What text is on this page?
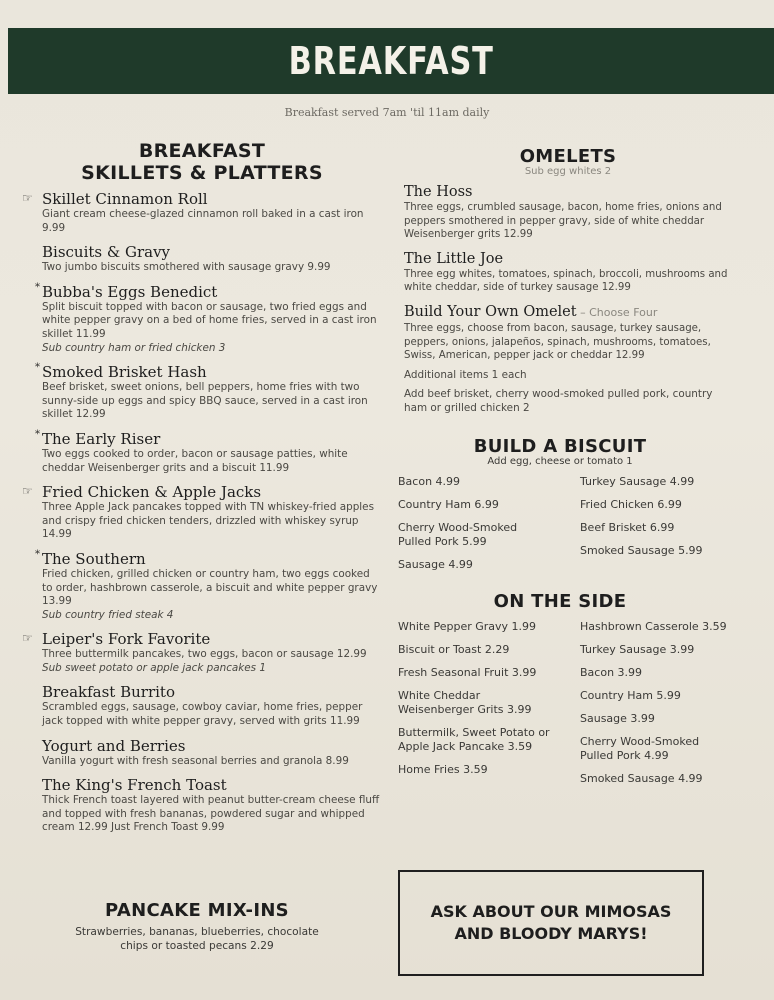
BREAKFAST
Breakfast served 7am 'til 11am daily
BREAKFAST
SKILLETS & PLATTERS
☞ Skillet Cinnamon Roll
Giant cream cheese-glazed cinnamon roll baked in a cast iron 9.99
Biscuits & Gravy
Two jumbo biscuits smothered with sausage gravy 9.99
* Bubba's Eggs Benedict
Split biscuit topped with bacon or sausage, two fried eggs and white pepper gravy on a bed of home fries, served in a cast iron skillet 11.99
Sub country ham or fried chicken 3
* Smoked Brisket Hash
Beef brisket, sweet onions, bell peppers, home fries with two sunny-side up eggs and spicy BBQ sauce, served in a cast iron skillet 12.99
* The Early Riser
Two eggs cooked to order, bacon or sausage patties, white cheddar Weisenberger grits and a biscuit 11.99
☞ Fried Chicken & Apple Jacks
Three Apple Jack pancakes topped with TN whiskey-fried apples and crispy fried chicken tenders, drizzled with whiskey syrup 14.99
* The Southern
Fried chicken, grilled chicken or country ham, two eggs cooked to order, hashbrown casserole, a biscuit and white pepper gravy 13.99
Sub country fried steak 4
☞ Leiper's Fork Favorite
Three buttermilk pancakes, two eggs, bacon or sausage 12.99
Sub sweet potato or apple jack pancakes 1
Breakfast Burrito
Scrambled eggs, sausage, cowboy caviar, home fries, pepper jack topped with white pepper gravy, served with grits 11.99
Yogurt and Berries
Vanilla yogurt with fresh seasonal berries and granola 8.99
The King's French Toast
Thick French toast layered with peanut butter-cream cheese fluff and topped with fresh bananas, powdered sugar and whipped cream 12.99 Just French Toast 9.99
PANCAKE MIX-INS
Strawberries, bananas, blueberries, chocolate chips or toasted pecans 2.29
OMELETS
Sub egg whites 2
The Hoss
Three eggs, crumbled sausage, bacon, home fries, onions and peppers smothered in pepper gravy, side of white cheddar Weisenberger grits 12.99
The Little Joe
Three egg whites, tomatoes, spinach, broccoli, mushrooms and white cheddar, side of turkey sausage 12.99
Build Your Own Omelet – Choose Four
Three eggs, choose from bacon, sausage, turkey sausage, peppers, onions, jalapeños, spinach, mushrooms, tomatoes, Swiss, American, pepper jack or cheddar 12.99
Additional items 1 each
Add beef brisket, cherry wood-smoked pulled pork, country ham or grilled chicken 2
BUILD A BISCUIT
Add egg, cheese or tomato 1
Bacon 4.99
Country Ham 6.99
Cherry Wood-Smoked Pulled Pork 5.99
Sausage 4.99
Turkey Sausage 4.99
Fried Chicken 6.99
Beef Brisket 6.99
Smoked Sausage 5.99
ON THE SIDE
White Pepper Gravy 1.99
Biscuit or Toast 2.29
Fresh Seasonal Fruit 3.99
White Cheddar Weisenberger Grits 3.99
Buttermilk, Sweet Potato or Apple Jack Pancake 3.59
Home Fries 3.59
Hashbrown Casserole 3.59
Turkey Sausage 3.99
Bacon 3.99
Country Ham 5.99
Sausage 3.99
Cherry Wood-Smoked Pulled Pork 4.99
Smoked Sausage 4.99
ASK ABOUT OUR MIMOSAS
AND BLOODY MARYS!
